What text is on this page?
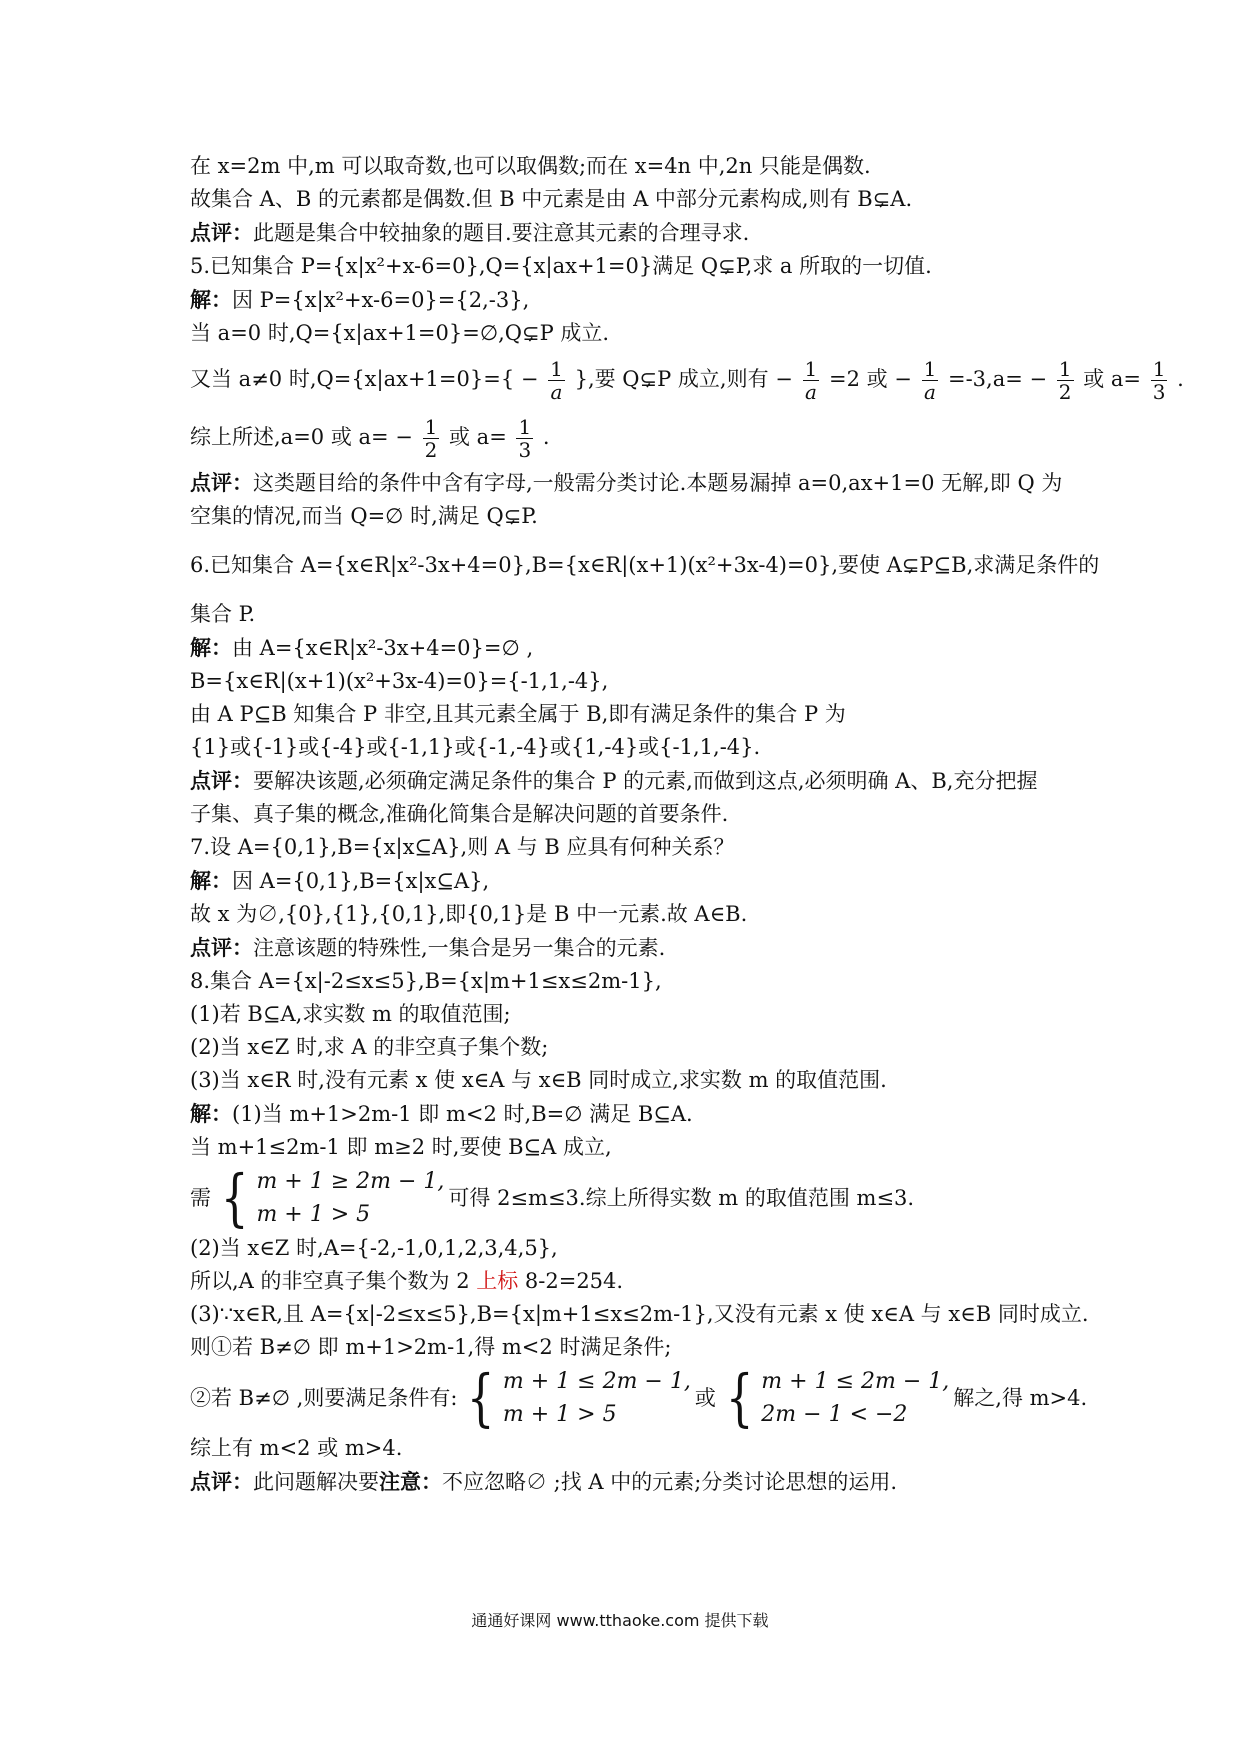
在 x=2m 中,m 可以取奇数,也可以取偶数;而在 x=4n 中,2n 只能是偶数.
故集合 A、B 的元素都是偶数.但 B 中元素是由 A 中部分元素构成,则有 B⊊A.
点评：此题是集合中较抽象的题目.要注意其元素的合理寻求.
5.已知集合 P={x|x²+x-6=0},Q={x|ax+1=0}满足 Q⊊P,求 a 所取的一切值.
解：因 P={x|x²+x-6=0}={2,-3},
当 a=0 时,Q={x|ax+1=0}=∅,Q⊊P 成立.
又当 a≠0 时$,Q=\{x|ax+1=0\}=\{ - \frac{1}{a}$ },要 Q⊊P 成立,则有 − $\frac{1}{a} =2$ 或 − $\frac{1}{a} =-3,a= - \frac{1}{2}$ 或 $a= \frac{1}{3}$ .
综上所述,a=0 或 $a= - \frac{1}{2}$ 或 $a= \frac{1}{3}$ .
点评：这类题目给的条件中含有字母,一般需分类讨论.本题易漏掉 a=0,ax+1=0 无解,即 Q 为
空集的情况,而当 Q=∅ 时,满足 Q⊊P.
6.已知集合 A={x∈R|x²-3x+4=0},B={x∈R|(x+1)(x²+3x-4)=0},要使 A⊊P⊆B,求满足条件的
集合 P.
解：由 A={x∈R|x²-3x+4=0}=∅ ,
B={x∈R|(x+1)(x²+3x-4)=0}={-1,1,-4},
由 A P⊆B 知集合 P 非空,且其元素全属于 B,即有满足条件的集合 P 为
{1}或{-1}或{-4}或{-1,1}或{-1,-4}或{1,-4}或{-1,1,-4}.
点评：要解决该题,必须确定满足条件的集合 P 的元素,而做到这点,必须明确 A、B,充分把握
子集、真子集的概念,准确化简集合是解决问题的首要条件.
7.设 A={0,1},B={x|x⊆A},则 A 与 B 应具有何种关系？
解：因 A={0,1},B={x|x⊆A},
故 x 为∅,{0},{1},{0,1},即{0,1}是 B 中一元素.故 A∈B.
点评：注意该题的特殊性,一集合是另一集合的元素.
8.集合 A={x|-2≤x≤5},B={x|m+1≤x≤2m-1},
(1)若 B⊆A,求实数 m 的取值范围;
(2)当 x∈Z 时,求 A 的非空真子集个数;
(3)当 x∈R 时,没有元素 x 使 x∈A 与 x∈B 同时成立,求实数 m 的取值范围.
解：(1)当 m+1>2m-1 即 m<2 时,B=∅ 满足 B⊆A.
当 m+1≤2m-1 即 m≥2 时,要使 B⊆A 成立,
需 { m + 1 ≥ 2m − 1,
m + 1 > 5
可得 2≤m≤3.综上所得实数 m 的取值范围 m≤3.
(2)当 x∈Z 时,A={-2,-1,0,1,2,3,4,5},
所以,A 的非空真子集个数为 2 上标 8-2=254.
(3)∵x∈R,且 A={x|-2≤x≤5},B={x|m+1≤x≤2m-1},又没有元素 x 使 x∈A 与 x∈B 同时成立.
则①若 B≠∅ 即 m+1>2m-1,得 m<2 时满足条件;
②若 B≠∅ ,则要满足条件有: { m + 1 ≤ 2m − 1,
m + 1 > 5
或 { m + 1 ≤ 2m − 1,
2m − 1 < −2
解之,得 m>4.
综上有 m<2 或 m>4.
点评：此问题解决要注意：不应忽略∅ ;找 A 中的元素;分类讨论思想的运用.
通通好课网 www.tthaoke.com 提供下载
